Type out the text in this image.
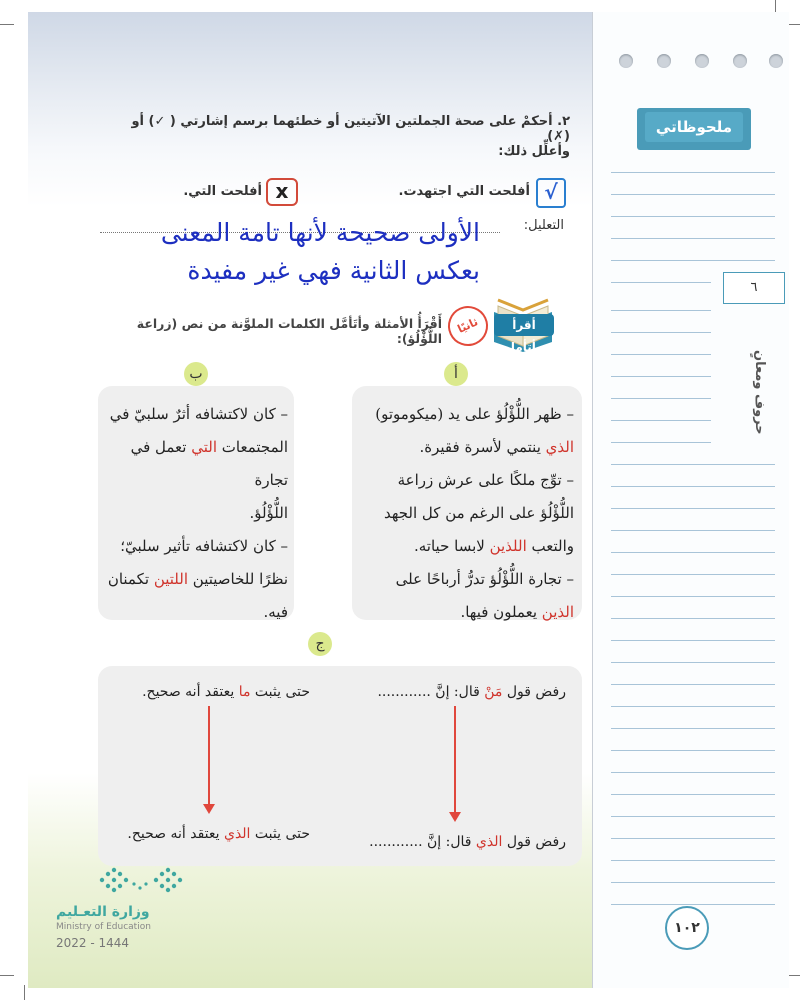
٢. أحكمْ على صحة الجملتين الآتيتين أو خطئهما برسم إشارتي ( ✓) أو (✗)
وأعلِّل ذلك:
√
أفلحت التي اجتهدت.
x
أفلحت التي.
التعليل:
الأولى صحيحة لأنها تامة المعنى
بعكس الثانية فهي غير مفيدة
أقرأ وأتأمل
ثانيًا
أَقْرَأُ الأمثلة وأتَأمَّل الكلمات الملوَّنة من نص (زراعة اللُّؤْلُؤ):
أ
– ظهر اللُّؤْلُؤ على يد (ميكوموتو)
الذي ينتمي لأسرة فقيرة.
– توِّج ملكًا على عرش زراعة
اللُّؤْلُؤ على الرغم من كل الجهد
والتعب اللذين لابسا حياته.
– تجارة اللُّؤْلُؤ تدرُّ أرباحًا على
الذين يعملون فيها.
ب
– كان لاكتشافه أثرٌ سلبيّ في
المجتمعات التي تعمل في تجارة
اللُّؤْلُؤ.
– كان لاكتشافه تأثير سلبيّ؛
نظرًا للخاصيتين اللتين تكمنان
فيه.
ج
رفض قول مَنْ قال: إنَّ ............
حتى يثبت ما يعتقد أنه صحيح.
رفض قول الذي قال: إنَّ ............
حتى يثبت الذي يعتقد أنه صحيح.
وزارة التعـليم
Ministry of Education
2022 - 1444
ملحوظاتي
٦
حروف ومعانٍ
١٠٢
